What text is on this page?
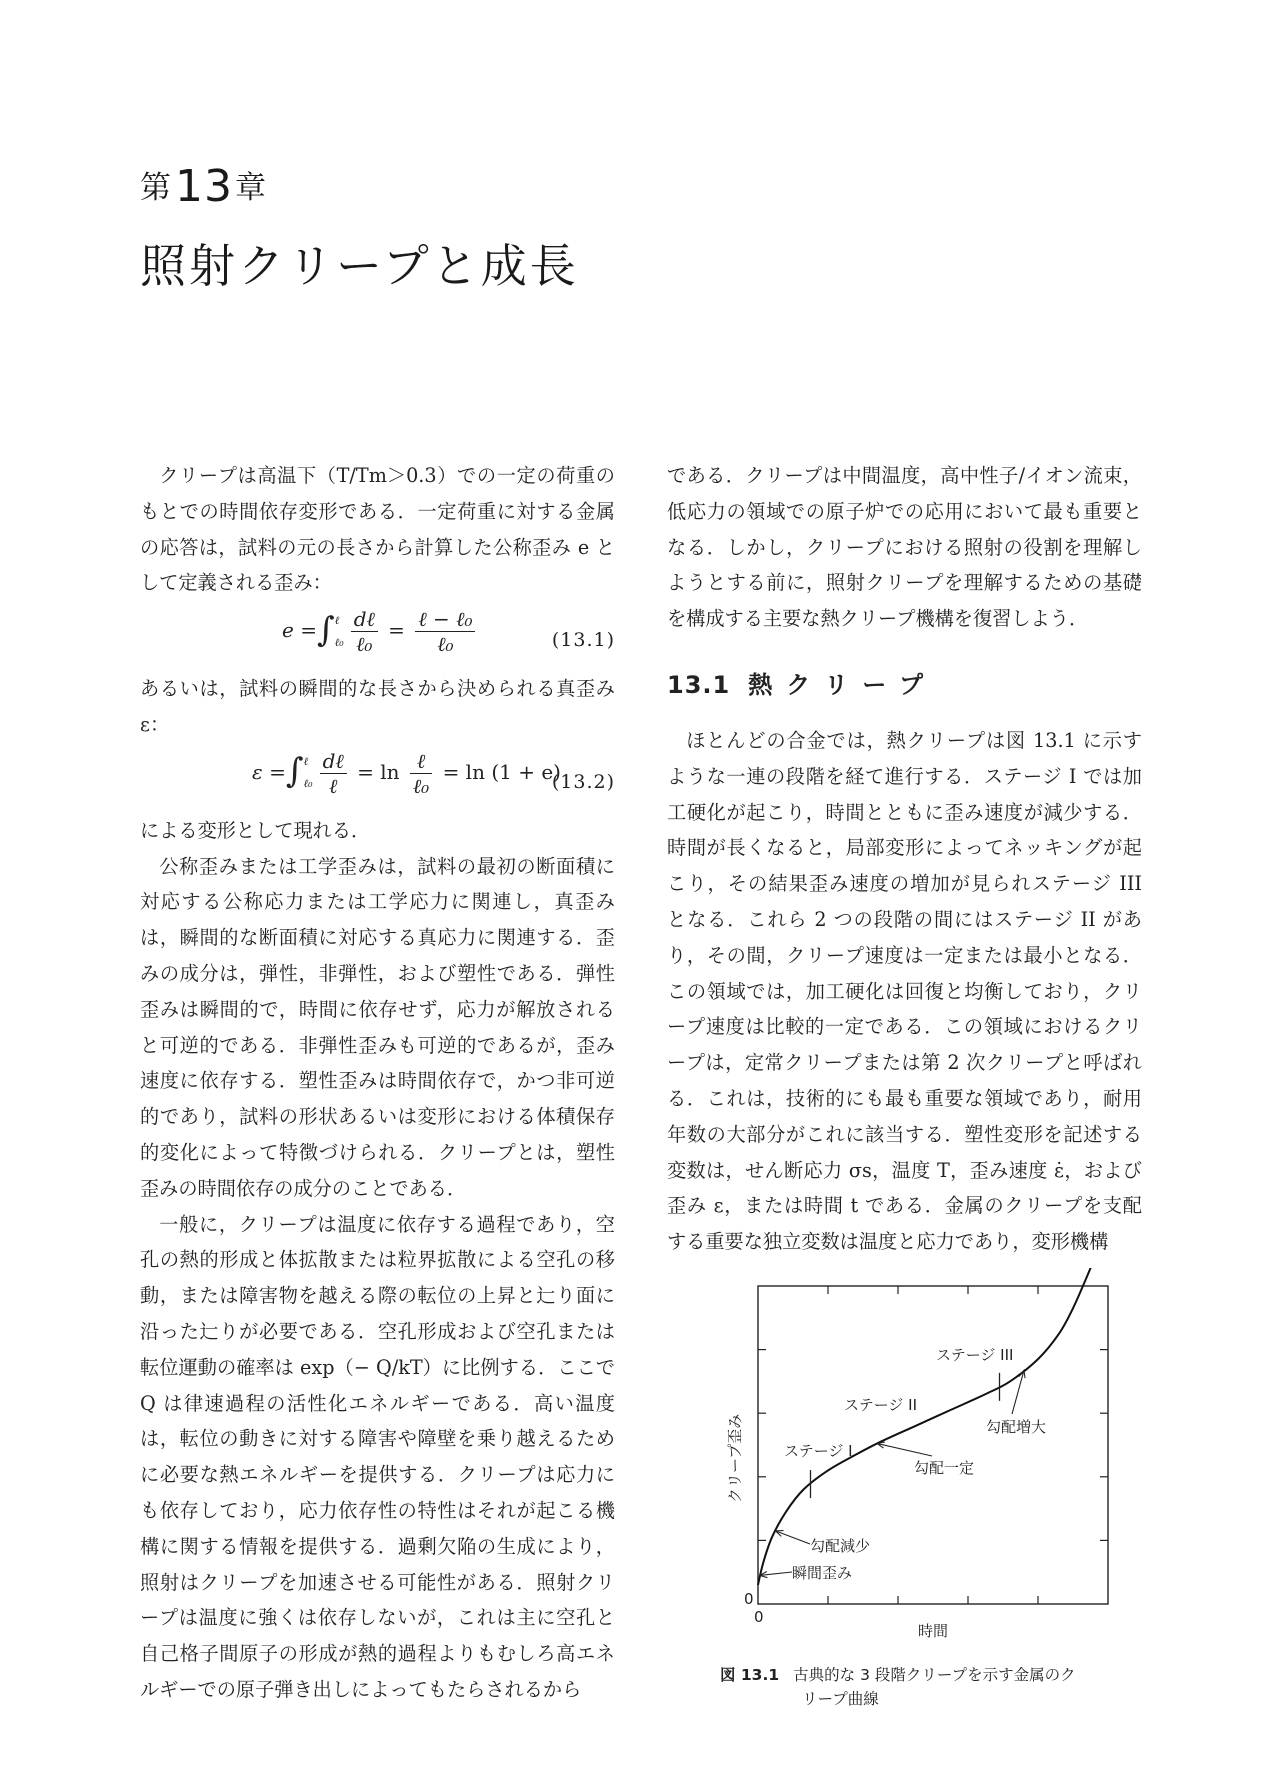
第13章
照射クリープと成長

クリープは高温下（T/Tm＞0.3）での一定の荷重のもとでの時間依存変形である．一定荷重に対する金属の応答は，試料の元の長さから計算した公称歪み e として定義される歪み：

e =∫ ℓ
ℓ₀ $\frac{\text{dℓ}}{\text{ℓ₀}} = \frac{\text{ℓ − ℓ₀}}{\text{ℓ₀}}$	(13.1)

あるいは，試料の瞬間的な長さから決められる真歪み ε：

ε =∫ ℓ
ℓ₀ $\frac{\text{dℓ}}{\text{ℓ}} = \ln \frac{\text{ℓ}}{\text{ℓ₀}} = \ln (1 + e)$
(13.2)

による変形として現れる．

公称歪みまたは工学歪みは，試料の最初の断面積に対応する公称応力または工学応力に関連し，真歪みは，瞬間的な断面積に対応する真応力に関連する．歪みの成分は，弾性，非弾性，および塑性である．弾性歪みは瞬間的で，時間に依存せず，応力が解放されると可逆的である．非弾性歪みも可逆的であるが，歪み速度に依存する．塑性歪みは時間依存で，かつ非可逆的であり，試料の形状あるいは変形における体積保存的変化によって特徴づけられる．クリープとは，塑性歪みの時間依存の成分のことである．

一般に，クリープは温度に依存する過程であり，空孔の熱的形成と体拡散または粒界拡散による空孔の移動，または障害物を越える際の転位の上昇と辷り面に沿った辷りが必要である．空孔形成および空孔または転位運動の確率は exp（− Q/kT）に比例する．ここで Q は律速過程の活性化エネルギーである．高い温度は，転位の動きに対する障害や障壁を乗り越えるために必要な熱エネルギーを提供する．クリープは応力にも依存しており，応力依存性の特性はそれが起こる機構に関する情報を提供する．過剰欠陥の生成により，照射はクリープを加速させる可能性がある．照射クリープは温度に強くは依存しないが，これは主に空孔と自己格子間原子の形成が熱的過程よりもむしろ高エネルギーでの原子弾き出しによってもたらされるから

である．クリープは中間温度，高中性子/イオン流束，低応力の領域での原子炉での応用において最も重要となる．しかし，クリープにおける照射の役割を理解しようとする前に，照射クリープを理解するための基礎を構成する主要な熱クリープ機構を復習しよう．

13.1 熱クリープ

ほとんどの合金では，熱クリープは図 13.1 に示すような一連の段階を経て進行する．ステージ I では加工硬化が起こり，時間とともに歪み速度が減少する．時間が長くなると，局部変形によってネッキングが起こり，その結果歪み速度の増加が見られステージ III となる．これら 2 つの段階の間にはステージ II があり，その間，クリープ速度は一定または最小となる．この領域では，加工硬化は回復と均衡しており，クリープ速度は比較的一定である．この領域におけるクリープは，定常クリープまたは第 2 次クリープと呼ばれる．これは，技術的にも最も重要な領域であり，耐用年数の大部分がこれに該当する．塑性変形を記述する変数は，せん断応力 σs，温度 T，歪み速度 ε̇，および歪み ε，または時間 t である．金属のクリープを支配する重要な独立変数は温度と応力であり，変形機構

クリープ歪み
時間
0
0
瞬間歪み
勾配減少
ステージ I
ステージ II
勾配一定
ステージ III
勾配増大
図 13.1 古典的な 3 段階クリープを示す金属のク
リープ曲線
